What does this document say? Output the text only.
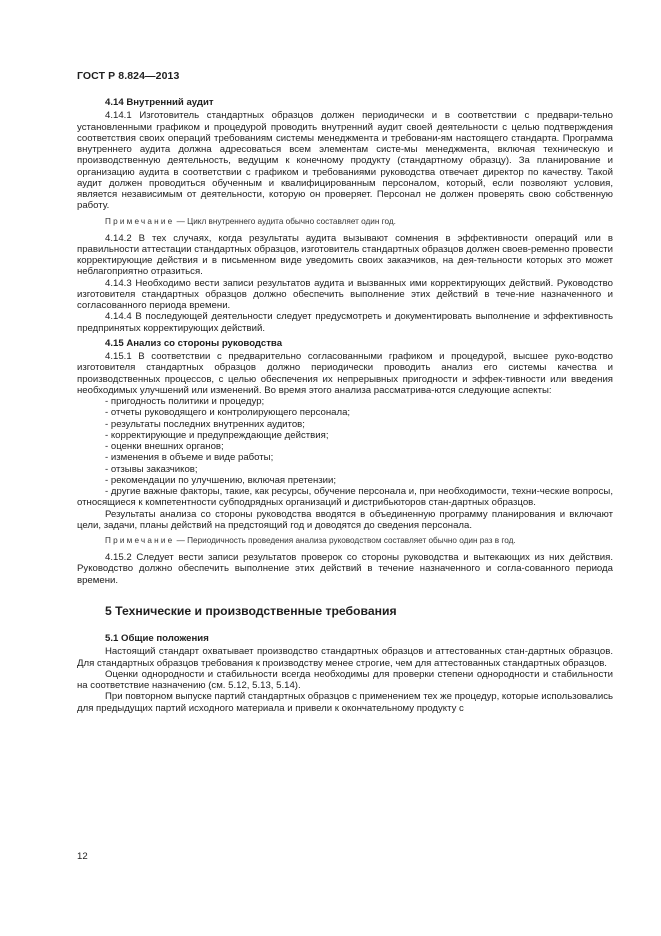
ГОСТ Р 8.824—2013
4.14 Внутренний аудит

4.14.1 Изготовитель стандартных образцов должен периодически и в соответствии с предвари-тельно установленными графиком и процедурой проводить внутренний аудит своей деятельности с целью подтверждения соответствия своих операций требованиям системы менеджмента и требовани-ям настоящего стандарта. Программа внутреннего аудита должна адресоваться всем элементам систе-мы менеджмента, включая техническую и производственную деятельность, ведущим к конечному продукту (стандартному образцу). За планирование и организацию аудита в соответствии с графиком и требованиями руководства отвечает директор по качеству. Такой аудит должен проводиться обученным и квалифицированным персоналом, который, если позволяют условия, является независимым от деятельности, которую он проверяет. Персонал не должен проверять свою собственную работу.

Примечание — Цикл внутреннего аудита обычно составляет один год.

4.14.2 В тех случаях, когда результаты аудита вызывают сомнения в эффективности операций или в правильности аттестации стандартных образцов, изготовитель стандартных образцов должен своев-ременно провести корректирующие действия и в письменном виде уведомить своих заказчиков, на дея-тельности которых это может неблагоприятно отразиться.

4.14.3 Необходимо вести записи результатов аудита и вызванных ими корректирующих действий. Руководство изготовителя стандартных образцов должно обеспечить выполнение этих действий в тече-ние назначенного и согласованного периода времени.

4.14.4 В последующей деятельности следует предусмотреть и документировать выполнение и эффективность предпринятых корректирующих действий.

4.15 Анализ со стороны руководства

4.15.1 В соответствии с предварительно согласованными графиком и процедурой, высшее руко-водство изготовителя стандартных образцов должно периодически проводить анализ его системы качества и производственных процессов, с целью обеспечения их непрерывных пригодности и эффек-тивности или введения необходимых улучшений или изменений. Во время этого анализа рассматрива-ются следующие аспекты:

- пригодность политики и процедур;
- отчеты руководящего и контролирующего персонала;
- результаты последних внутренних аудитов;
- корректирующие и предупреждающие действия;
- оценки внешних органов;
- изменения в объеме и виде работы;
- отзывы заказчиков;
- рекомендации по улучшению, включая претензии;
- другие важные факторы, такие, как ресурсы, обучение персонала и, при необходимости, техни-ческие вопросы, относящиеся к компетентности субподрядных организаций и дистрибьюторов стан-дартных образцов.

Результаты анализа со стороны руководства вводятся в объединенную программу планирования и включают цели, задачи, планы действий на предстоящий год и доводятся до сведения персонала.

Примечание — Периодичность проведения анализа руководством составляет обычно один раз в год.

4.15.2 Следует вести записи результатов проверок со стороны руководства и вытекающих из них действия. Руководство должно обеспечить выполнение этих действий в течение назначенного и согла-сованного периода времени.

5 Технические и производственные требования
5.1 Общие положения

Настоящий стандарт охватывает производство стандартных образцов и аттестованных стан-дартных образцов. Для стандартных образцов требования к производству менее строгие, чем для аттестованных стандартных образцов.

Оценки однородности и стабильности всегда необходимы для проверки степени однородности и стабильности на соответствие назначению (см. 5.12, 5.13, 5.14).

При повторном выпуске партий стандартных образцов с применением тех же процедур, которые использовались для предыдущих партий исходного материала и привели к окончательному продукту с

12
